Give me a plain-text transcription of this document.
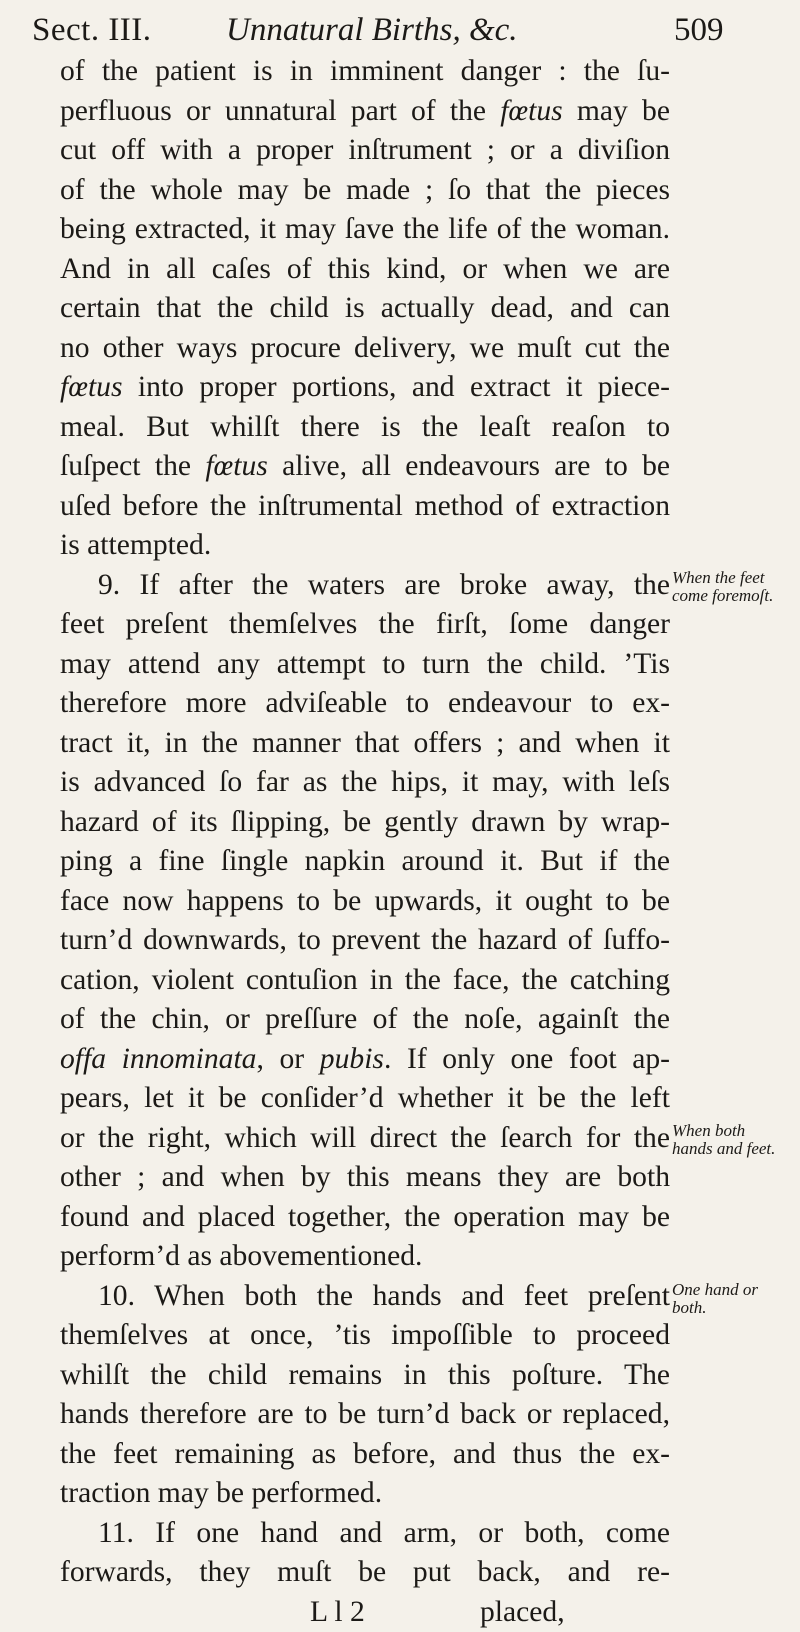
Sect. III. Unnatural Births, &c.	509
of the patient is in imminent danger : the ſu-
perfluous or unnatural part of the fœtus may be
cut off with a proper inſtrument ; or a diviſion
of the whole may be made ; ſo that the pieces
being extracted, it may ſave the life of the woman.
And in all caſes of this kind, or when we are
certain that the child is actually dead, and can
no other ways procure delivery, we muſt cut the
fœtus into proper portions, and extract it piece-
meal. But whilſt there is the leaſt reaſon to
ſuſpect the fœtus alive, all endeavours are to be
uſed before the inſtrumental method of extraction
is attempted.
9. If after the waters are broke away, the
feet preſent themſelves the firſt, ſome danger
may attend any attempt to turn the child. ’Tis
therefore more adviſeable to endeavour to ex-
tract it, in the manner that offers ; and when it
is advanced ſo far as the hips, it may, with leſs
hazard of its ſlipping, be gently drawn by wrap-
ping a fine ſingle napkin around it. But if the
face now happens to be upwards, it ought to be
turn’d downwards, to prevent the hazard of ſuffo-
cation, violent contuſion in the face, the catching
of the chin, or preſſure of the noſe, againſt the
offa innominata, or pubis. If only one foot ap-
pears, let it be conſider’d whether it be the left
or the right, which will direct the ſearch for the
other ; and when by this means they are both
found and placed together, the operation may be
perform’d as abovementioned.
10. When both the hands and feet preſent
themſelves at once, ’tis impoſſible to proceed
whilſt the child remains in this poſture. The
hands therefore are to be turn’d back or replaced,
the feet remaining as before, and thus the ex-
traction may be performed.
11. If one hand and arm, or both, come
forwards, they muſt be put back, and re-
L l 2	placed,
When the feet
come foremoſt.
When both
hands and feet.
One hand or
both.
